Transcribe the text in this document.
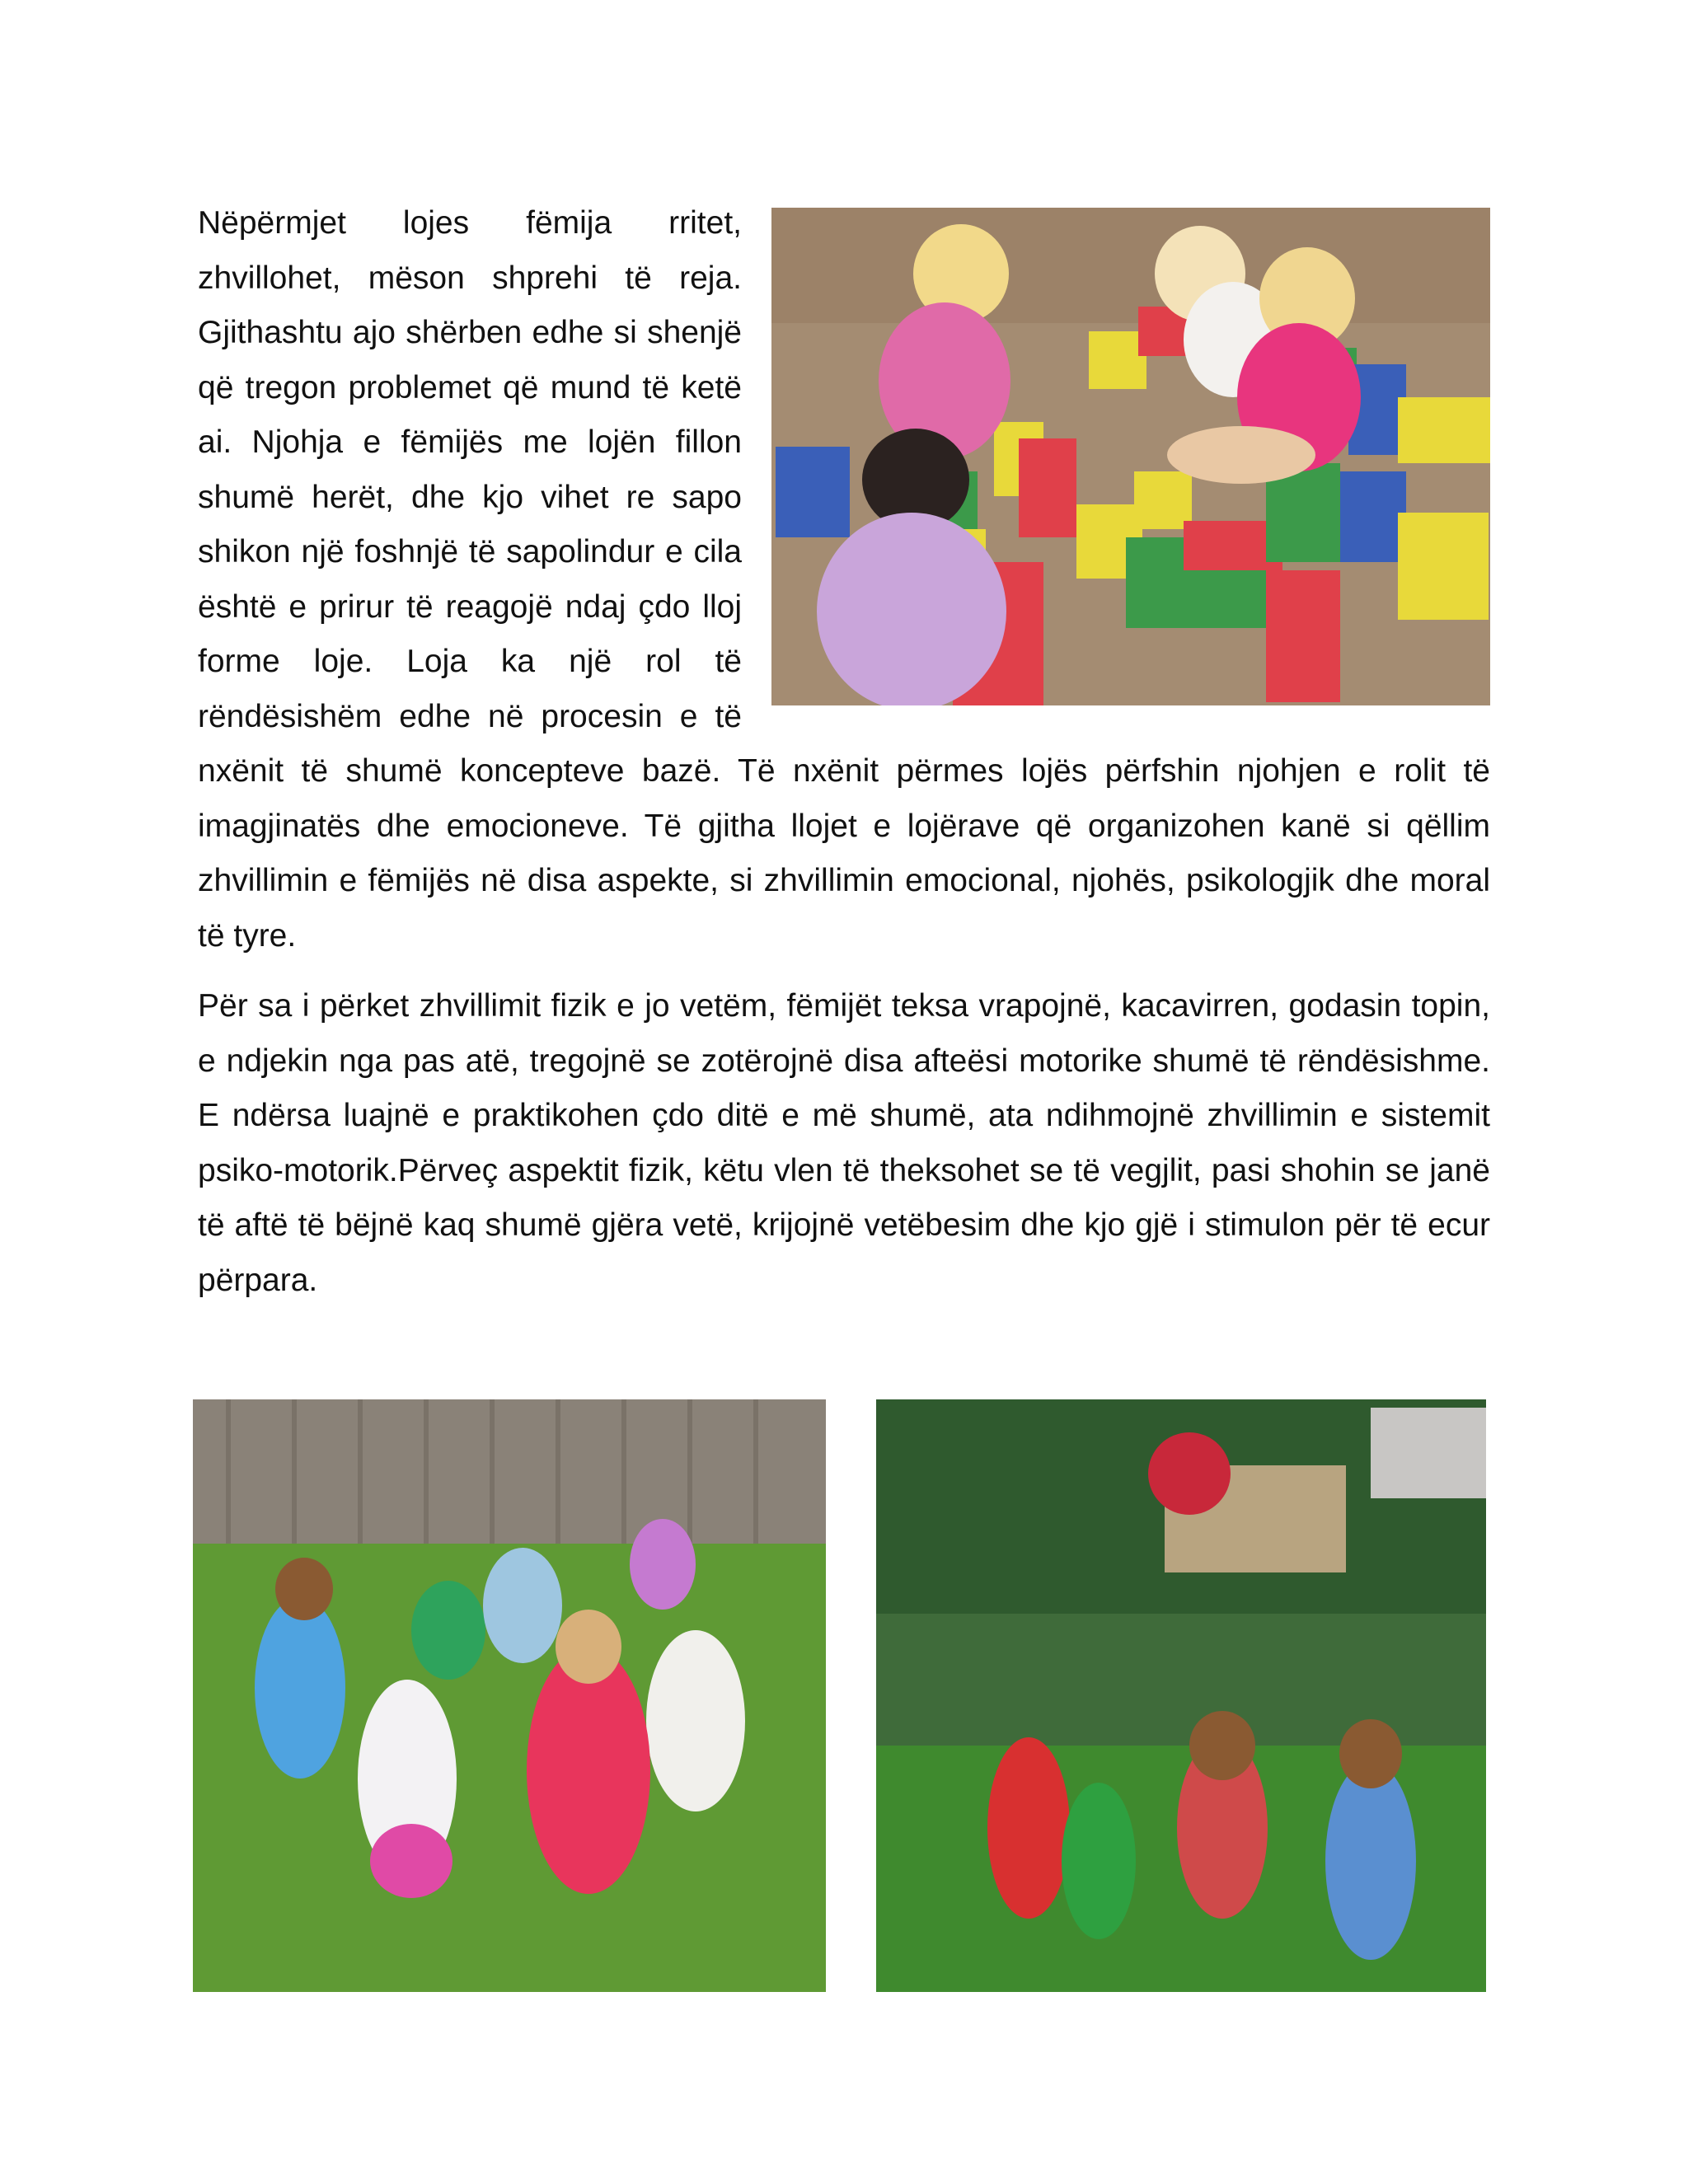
Nëpërmjet lojes fëmija rritet, zhvillohet, mëson shprehi të reja. Gjithashtu ajo shërben edhe si shenjë që tregon problemet që mund të ketë ai. Njohja e fëmijës me lojën fillon shumë herët, dhe kjo vihet re sapo shikon një foshnjë të sapolindur e cila është e prirur të reagojë ndaj çdo lloj forme loje. Loja ka një rol të rëndësishëm edhe në procesin e të nxënit të shumë koncepteve bazë. Të nxënit përmes lojës përfshin njohjen e rolit të imagjinatës dhe emocioneve. Të gjitha llojet e lojërave që organizohen kanë si qëllim zhvillimin e fëmijës në disa aspekte, si zhvillimin emocional, njohës, psikologjik dhe moral të tyre.

Për sa i përket zhvillimit fizik e jo vetëm, fëmijët teksa vrapojnë, kacavirren, godasin topin, e ndjekin nga pas atë, tregojnë se zotërojnë disa afteësi motorike shumë të rëndësishme. E ndërsa luajnë e praktikohen çdo ditë e më shumë, ata ndihmojnë zhvillimin e sistemit psiko-motorik.Përveç aspektit fizik, këtu vlen të theksohet se të vegjlit, pasi shohin se janë të aftë të bëjnë kaq shumë gjëra vetë, krijojnë vetëbesim dhe kjo gjë i stimulon për të ecur përpara.
